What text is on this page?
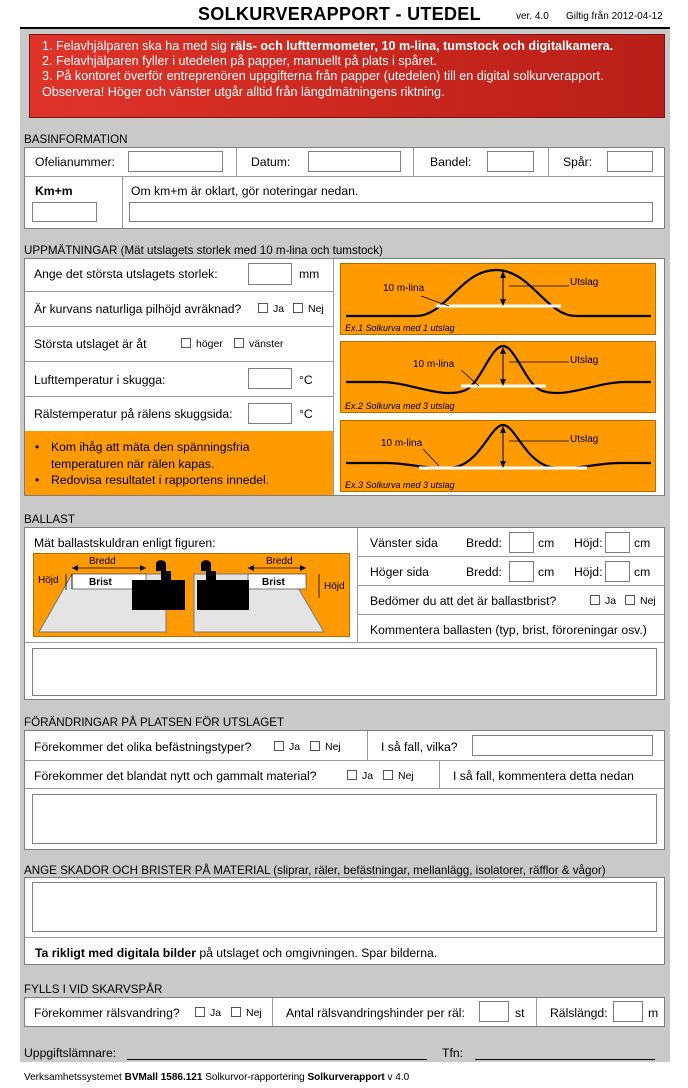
SOLKURVERAPPORT - UTEDEL	ver. 4.0 Giltig från 2012-04-12
1. Felavhjälparen ska ha med sig räls- och lufttermometer, 10 m-lina, tumstock och digitalkamera.
2. Felavhjälparen fyller i utedelen på papper, manuellt på plats i spåret.
3. På kontoret överför entreprenören uppgifterna från papper (utedelen) till en digital solkurverapport.
Observera! Höger och vänster utgår alltid från längdmätningens riktning.
BASINFORMATION
Ofelianummer:	Datum:	Bandel:	Spår:
Km+m	Om km+m är oklart, gör noteringar nedan.
UPPMÄTNINGAR (Mät utslagets storlek med 10 m-lina och tumstock)
Ange det största utslagets storlek:	mm
Är kurvans naturliga pilhöjd avräknad?	Ja Nej
Största utslaget är åt	höger vänster
Lufttemperatur i skugga:	°C
Rälstemperatur på rälens skuggsida:	°C
• Kom ihåg att mäta den spänningsfria temperaturen när rälen kapas.
• Redovisa resultatet i rapportens innedel.
10 m-lina
Utslag
Ex.1 Solkurva med 1 utslag
10 m-lina	Utslag
Ex.2 Solkurva med 3 utslag
10 m-lina	Utslag
Ex.3 Solkurva med 3 utslag
BALLAST
Mät ballastskuldran enligt figuren:
Bredd	Bredd
Höjd
Höjd
Brist	Brist
Vänster sida Bredd:	cm Höjd:	cm
Höger sida	Bredd:	cm Höjd:	cm
Bedömer du att det är ballastbrist?	Ja Nej
Kommentera ballasten (typ, brist, föroreningar osv.)
FÖRÄNDRINGAR PÅ PLATSEN FÖR UTSLAGET
Förekommer det olika befästningstyper?	Ja Nej	I så fall, vilka?
Förekommer det blandat nytt och gammalt material?	Ja Nej	I så fall, kommentera detta nedan
ANGE SKADOR OCH BRISTER PÅ MATERIAL (sliprar, räler, befästningar, mellanlägg, isolatorer, räfflor & vågor)
Ta rikligt med digitala bilder på utslaget och omgivningen. Spar bilderna.
FYLLS I VID SKARVSPÅR
Förekommer rälsvandring?	Ja Nej Antal rälsvandringshinder per räl:	st Rälslängd:	m
Uppgiftslämnare:	Tfn:
Verksamhetssystemet BVMall 1586.121 Solkurvor-rapportering Solkurverapport v 4.0
